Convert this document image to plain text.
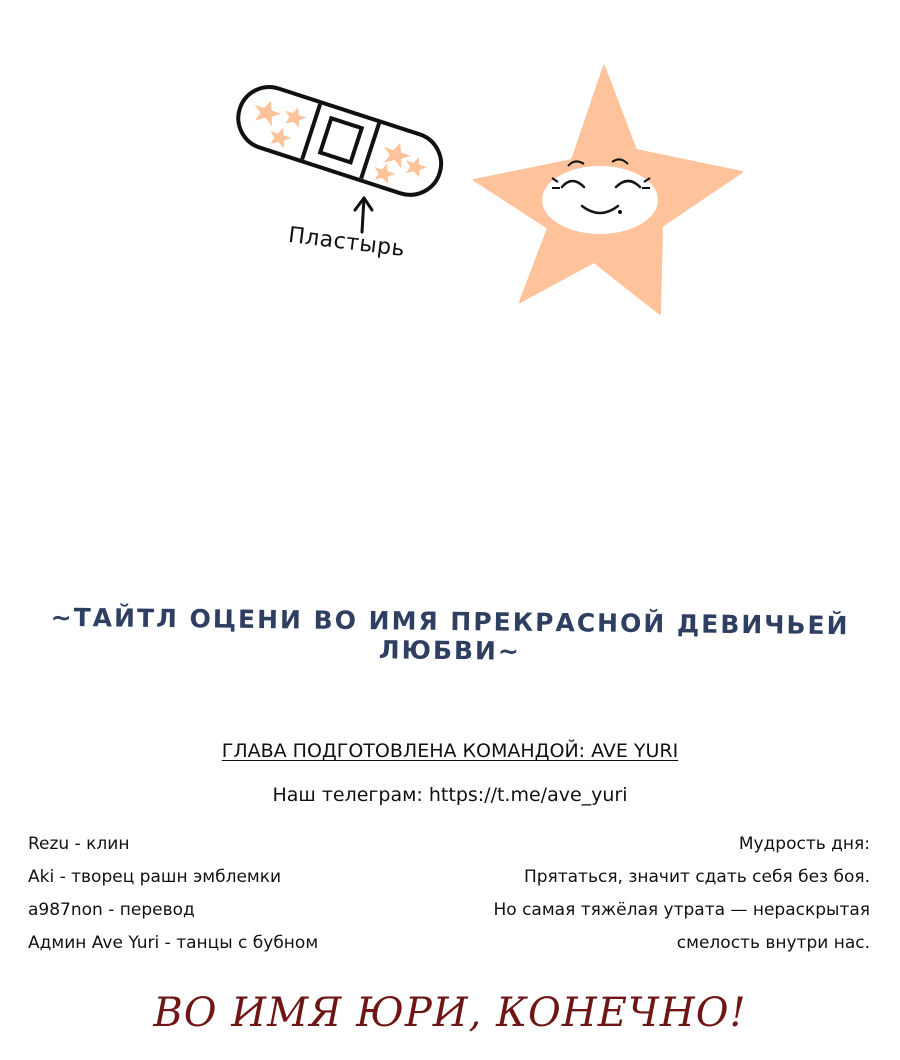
Пластырь
~ТАЙТЛ ОЦЕНИ ВО ИМЯ ПРЕКРАСНОЙ ДЕВИЧЬЕЙ ЛЮБВИ~
ГЛАВА ПОДГОТОВЛЕНА КОМАНДОЙ: AVE YURI
Наш телеграм: https://t.me/ave_yuri
Rezu - клин
Aki - творец рашн эмблемки
a987non - перевод
Админ Ave Yuri - танцы с бубном
Мудрость дня:
Прятаться, значит сдать себя без боя.
Но самая тяжёлая утрата — нераскрытая
смелость внутри нас.
ВО ИМЯ ЮРИ, КОНЕЧНО!
